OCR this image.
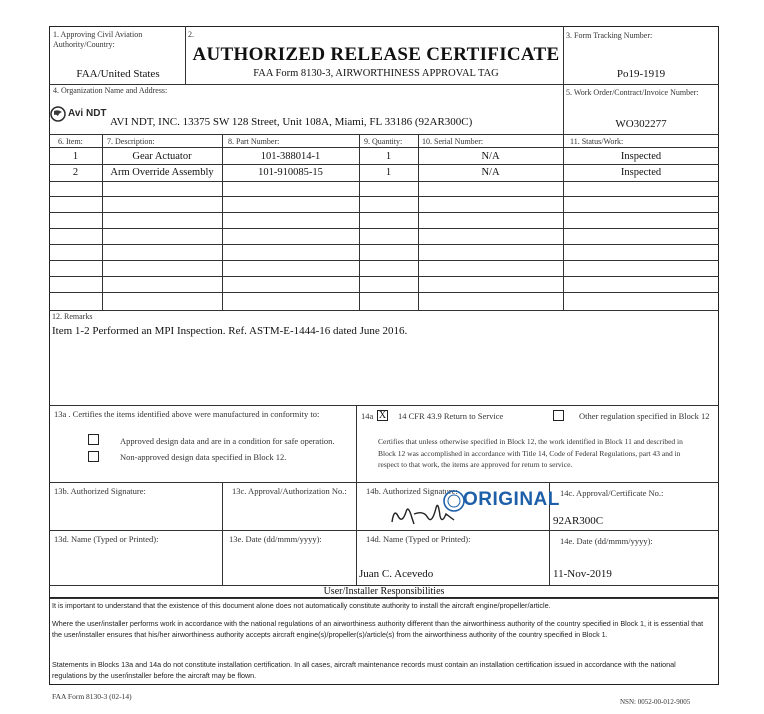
1. Approving Civil Aviation Authority/Country:
FAA/United States
2.
AUTHORIZED RELEASE CERTIFICATE
FAA Form 8130-3, AIRWORTHINESS APPROVAL TAG
3. Form Tracking Number:
Po19-1919
4. Organization Name and Address:
Avi NDT
AVI NDT, INC. 13375 SW 128 Street, Unit 108A, Miami, FL 33186 (92AR300C)
5. Work Order/Contract/Invoice Number:
WO302277
6. Item:	7. Description:	8. Part Number:	9. Quantity: 10. Serial Number:	11. Status/Work:
1	Gear Actuator	101-388014-1	1	N/A	Inspected
2	Arm Override Assembly	101-910085-15	1	N/A	Inspected
12. Remarks
Item 1-2 Performed an MPI Inspection. Ref. ASTM-E-1444-16 dated June 2016.
13a . Certifies the items identified above were manufactured in conformity to:
Approved design data and are in a condition for safe operation.
Non-approved design data specified in Block 12.
14a X 14 CFR 43.9 Return to Service	Other regulation specified in Block 12
Certifies that unless otherwise specified in Block 12, the work identified in Block 11 and described in Block 12 was accomplished in accordance with Title 14, Code of Federal Regulations, part 43 and in respect to that work, the items are approved for return to service.
13b. Authorized Signature:	13c. Approval/Authorization No.: 14b. Authorized Signature: ORIGINAL 14c. Approval/Certificate No.:
92AR300C
13d. Name (Typed or Printed):	13e. Date (dd/mmm/yyyy):	14d. Name (Typed or Printed):
Juan C. Acevedo
14e. Date (dd/mmm/yyyy):
11-Nov-2019
User/Installer Responsibilities
It is important to understand that the existence of this document alone does not automatically constitute authority to install the aircraft engine/propeller/article.
Where the user/installer performs work in accordance with the national regulations of an airworthiness authority different than the airworthiness authority of the country specified in Block 1, it is essential that the user/installer ensures that his/her airworthiness authority accepts aircraft engine(s)/propeller(s)/article(s) from the airworthiness authority of the country specified in Block 1.
Statements in Blocks 13a and 14a do not constitute installation certification. In all cases, aircraft maintenance records must contain an installation certification issued in accordance with the national regulations by the user/installer before the aircraft may be flown.
FAA Form 8130-3 (02-14)
NSN: 0052-00-012-9005
